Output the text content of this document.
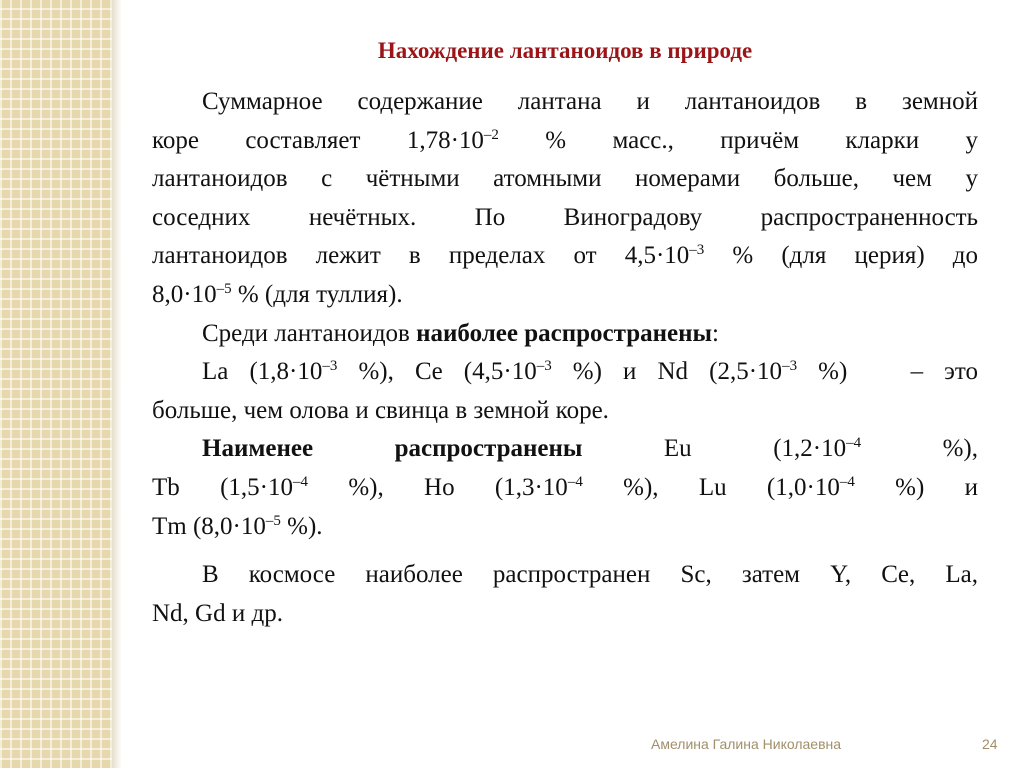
Нахождение лантаноидов в природе

Суммарное содержание лантана и лантаноидов в земной

коре составляет $1,78\cdot 10^{-2}$ % масс., причём кларки у

лантаноидов с чётными атомными номерами больше, чем у

соседних нечётных. По Виноградову распространенность

лантаноидов лежит в пределах от $4,5\cdot 10^{-3}$ % (для церия) до

$8,0\cdot 10^{-5}$ % (для туллия).

Среди лантаноидов наиболее распространены:

La ($1,8\cdot 10^{-3}$ %), Ce ($4,5\cdot 10^{-3}$ %) и Nd ($2,5\cdot 10^{-3}$ %)   – это

больше, чем олова и свинца в земной коре.

Наименее распространены Eu ($1,2\cdot 10^{-4}$ %),

Tb ($1,5\cdot 10^{-4}$ %), Ho ($1,3\cdot 10^{-4}$ %), Lu ($1,0\cdot 10^{-4}$ %) и

Tm ($8,0\cdot 10^{-5}$ %).

В космосе наиболее распространен Sc, затем Y, Ce, La,

Nd, Gd и др.

Амелина Галина Николаевна	24
